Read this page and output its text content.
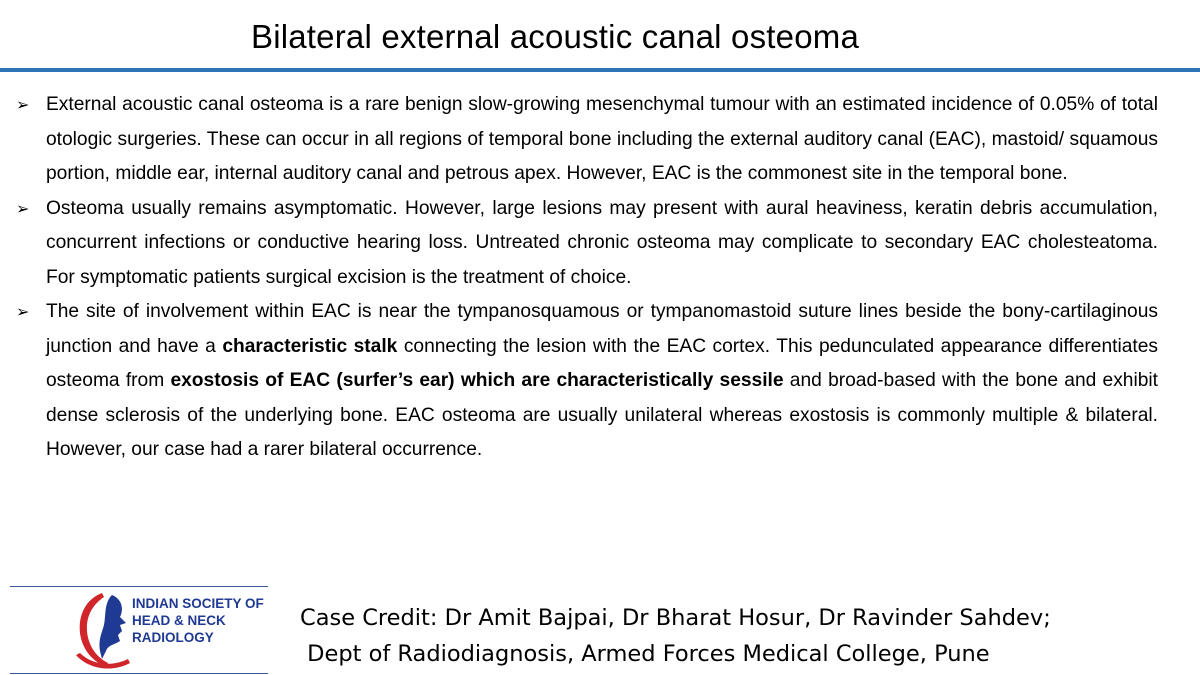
Bilateral external acoustic canal osteoma

➢ External acoustic canal osteoma is a rare benign slow-growing mesenchymal tumour with an estimated incidence of 0.05% of total otologic surgeries. These can occur in all regions of temporal bone including the external auditory canal (EAC), mastoid/ squamous portion, middle ear, internal auditory canal and petrous apex. However, EAC is the commonest site in the temporal bone.

➢ Osteoma usually remains asymptomatic. However, large lesions may present with aural heaviness, keratin debris accumulation, concurrent infections or conductive hearing loss. Untreated chronic osteoma may complicate to secondary EAC cholesteatoma. For symptomatic patients surgical excision is the treatment of choice.

➢ The site of involvement within EAC is near the tympanosquamous or tympanomastoid suture lines beside the bony-cartilaginous junction and have a characteristic stalk connecting the lesion with the EAC cortex. This pedunculated appearance differentiates osteoma from exostosis of EAC (surfer’s ear) which are characteristically sessile and broad-based with the bone and exhibit dense sclerosis of the underlying bone. EAC osteoma are usually unilateral whereas exostosis is commonly multiple & bilateral. However, our case had a rarer bilateral occurrence.

INDIAN SOCIETY OF
HEAD & NECK
RADIOLOGY
Case Credit: Dr Amit Bajpai, Dr Bharat Hosur, Dr Ravinder Sahdev;
Dept of Radiodiagnosis, Armed Forces Medical College, Pune
